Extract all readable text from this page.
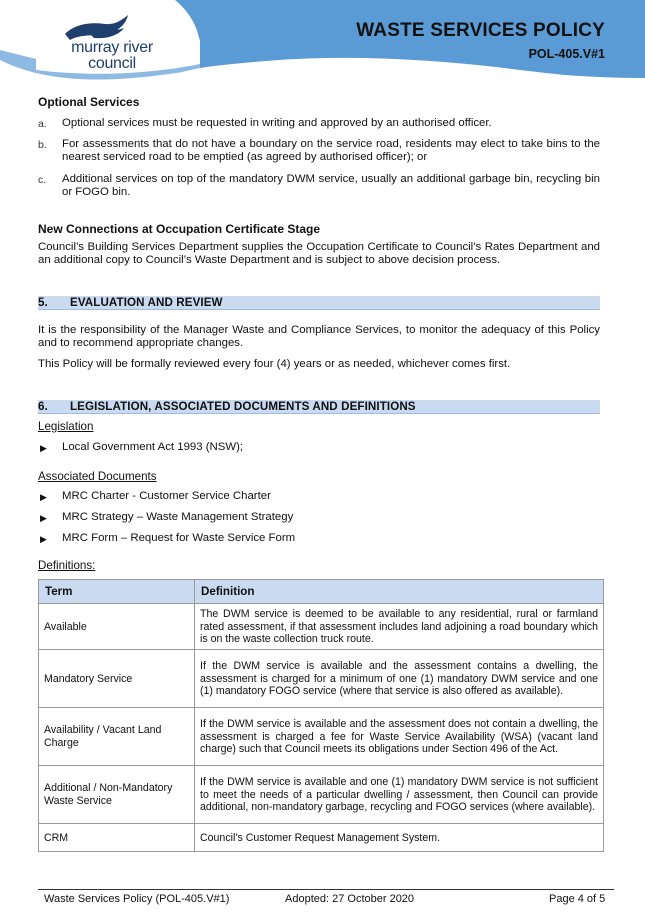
murray river
council
WASTE SERVICES POLICY
POL-405.V#1
Optional Services
a. Optional services must be requested in writing and approved by an authorised officer.
b. For assessments that do not have a boundary on the service road, residents may elect to take bins to the nearest serviced road to be emptied (as agreed by authorised officer); or
c. Additional services on top of the mandatory DWM service, usually an additional garbage bin, recycling bin or FOGO bin.
New Connections at Occupation Certificate Stage
Council’s Building Services Department supplies the Occupation Certificate to Council’s Rates Department and an additional copy to Council’s Waste Department and is subject to above decision process.
5. EVALUATION AND REVIEW
It is the responsibility of the Manager Waste and Compliance Services, to monitor the adequacy of this Policy and to recommend appropriate changes.
This Policy will be formally reviewed every four (4) years or as needed, whichever comes first.
6. LEGISLATION, ASSOCIATED DOCUMENTS AND DEFINITIONS
Legislation
▶ Local Government Act 1993 (NSW);
Associated Documents
▶ MRC Charter - Customer Service Charter
▶ MRC Strategy – Waste Management Strategy
▶ MRC Form – Request for Waste Service Form
Definitions:
Term	Definition
Available	The DWM service is deemed to be available to any residential, rural or farmland rated assessment, if that assessment includes land adjoining a road boundary which is on the waste collection truck route.
Mandatory Service	If the DWM service is available and the assessment contains a dwelling, the assessment is charged for a minimum of one (1) mandatory DWM service and one (1) mandatory FOGO service (where that service is also offered as available).
Availability / Vacant Land Charge	If the DWM service is available and the assessment does not contain a dwelling, the assessment is charged a fee for Waste Service Availability (WSA) (vacant land charge) such that Council meets its obligations under Section 496 of the Act.
Additional / Non-Mandatory Waste Service	If the DWM service is available and one (1) mandatory DWM service is not sufficient to meet the needs of a particular dwelling / assessment, then Council can provide additional, non-mandatory garbage, recycling and FOGO services (where available).
CRM	Council’s Customer Request Management System.
Waste Services Policy (POL-405.V#1)	Adopted: 27 October 2020	Page 4 of 5
